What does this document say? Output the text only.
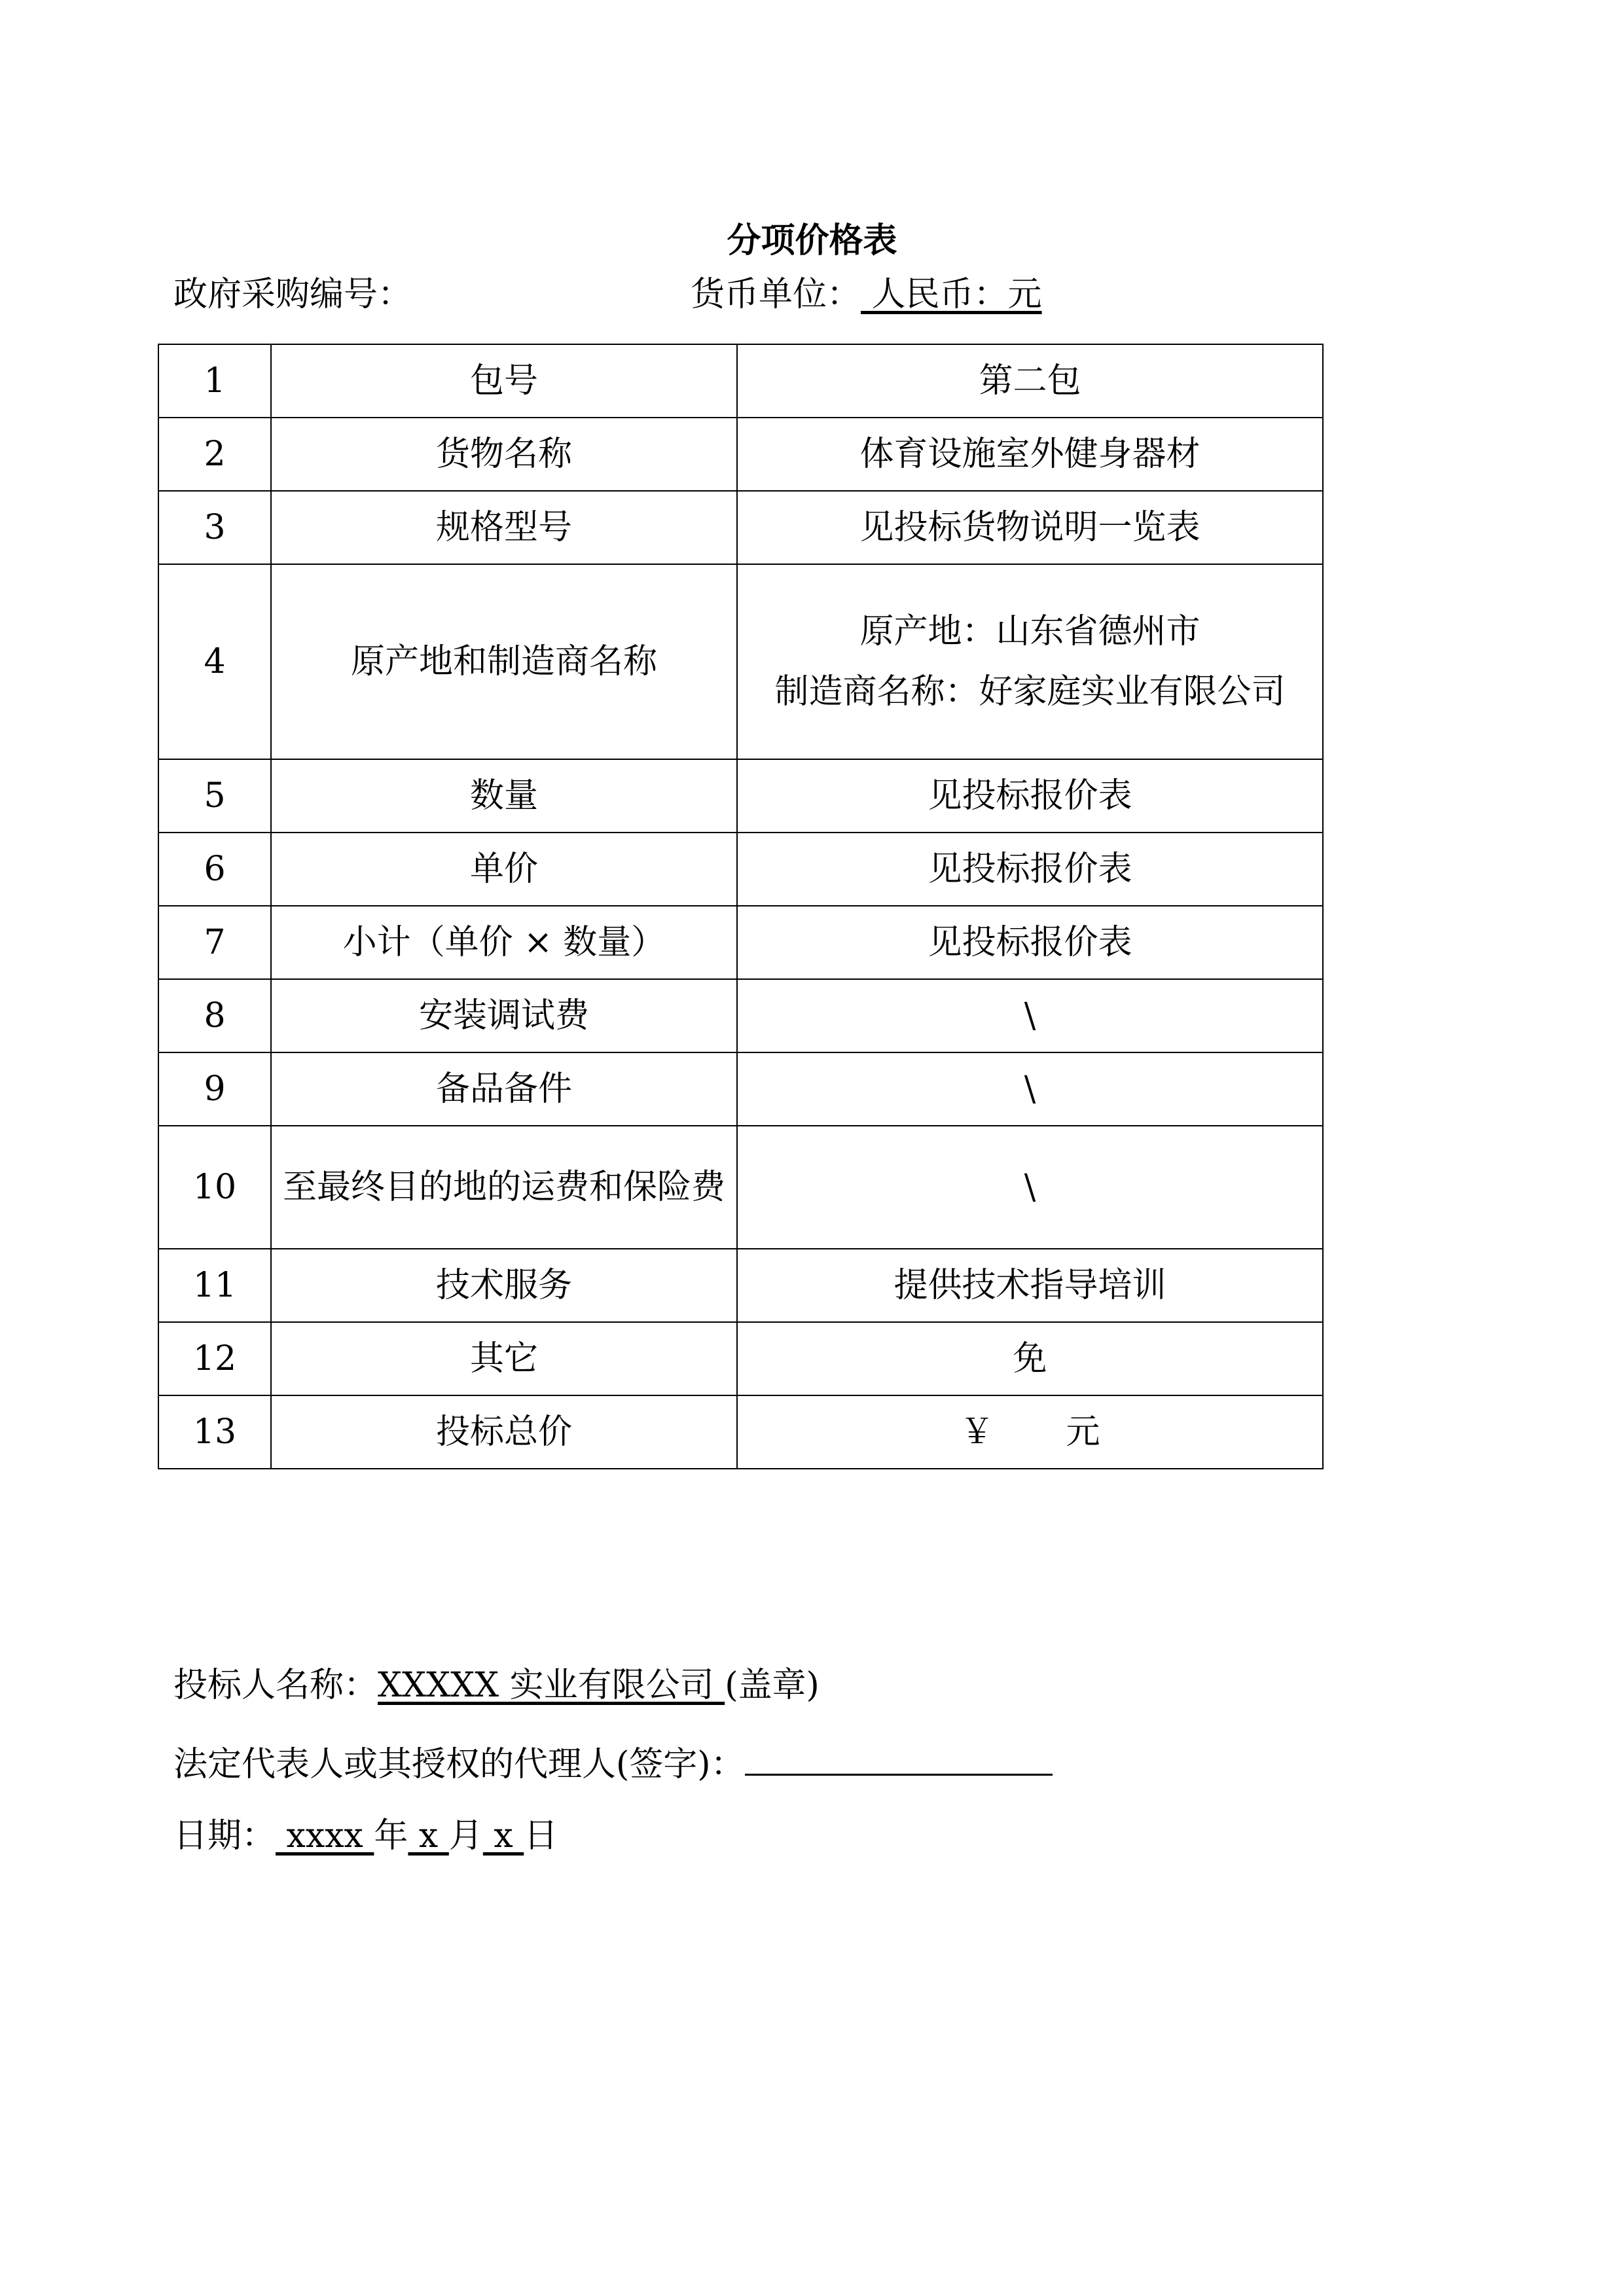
分项价格表
政府采购编号：	货币单位： 人民币：元
1	包号	第二包
2	货物名称	体育设施室外健身器材
3	规格型号	见投标货物说明一览表
4	原产地和制造商名称	原产地：山东省德州市
制造商名称：好家庭实业有限公司

5	数量	见投标报价表
6	单价	见投标报价表
7	小计（单价 × 数量）	见投标报价表
8	安装调试费	\
9	备品备件	\
10	至最终目的地的运费和保险费	\
11	技术服务	提供技术指导培训
12	其它	免
13	投标总价	￥ 元
投标人名称：XXXXX 实业有限公司 (盖章)
法定代表人或其授权的代理人(签字)：
日期： xxxx 年 x 月 x 日
